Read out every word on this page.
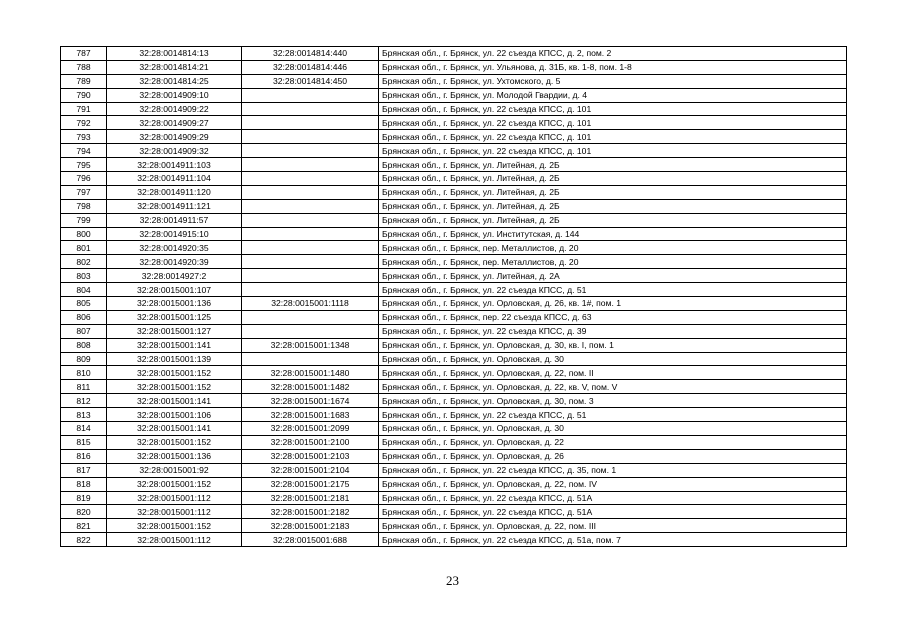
787	32:28:0014814:13	32:28:0014814:440	Брянская обл., г. Брянск, ул. 22 съезда КПСС, д. 2, пом. 2
788	32:28:0014814:21	32:28:0014814:446	Брянская обл., г. Брянск, ул. Ульянова, д. 31Б, кв. 1-8, пом. 1-8
789	32:28:0014814:25	32:28:0014814:450	Брянская обл., г. Брянск, ул. Ухтомского, д. 5
790	32:28:0014909:10		Брянская обл., г. Брянск, ул. Молодой Гвардии, д. 4
791	32:28:0014909:22		Брянская обл., г. Брянск, ул. 22 съезда КПСС, д. 101
792	32:28:0014909:27		Брянская обл., г. Брянск, ул. 22 съезда КПСС, д. 101
793	32:28:0014909:29		Брянская обл., г. Брянск, ул. 22 съезда КПСС, д. 101
794	32:28:0014909:32		Брянская обл., г. Брянск, ул. 22 съезда КПСС, д. 101
795	32:28:0014911:103		Брянская обл., г. Брянск, ул. Литейная, д. 2Б
796	32:28:0014911:104		Брянская обл., г. Брянск, ул. Литейная, д. 2Б
797	32:28:0014911:120		Брянская обл., г. Брянск, ул. Литейная, д. 2Б
798	32:28:0014911:121		Брянская обл., г. Брянск, ул. Литейная, д. 2Б
799	32:28:0014911:57		Брянская обл., г. Брянск, ул. Литейная, д. 2Б
800	32:28:0014915:10		Брянская обл., г. Брянск, ул. Институтская, д. 144
801	32:28:0014920:35		Брянская обл., г. Брянск, пер. Металлистов, д. 20
802	32:28:0014920:39		Брянская обл., г. Брянск, пер. Металлистов, д. 20
803	32:28:0014927:2		Брянская обл., г. Брянск, ул. Литейная, д. 2А
804	32:28:0015001:107		Брянская обл., г. Брянск, ул. 22 съезда КПСС, д. 51
805	32:28:0015001:136	32:28:0015001:1118	Брянская обл., г. Брянск, ул. Орловская, д. 26, кв. 1#, пом. 1
806	32:28:0015001:125		Брянская обл., г. Брянск, пер. 22 съезда КПСС, д. 63
807	32:28:0015001:127		Брянская обл., г. Брянск, ул. 22 съезда КПСС, д. 39
808	32:28:0015001:141	32:28:0015001:1348	Брянская обл., г. Брянск, ул. Орловская, д. 30, кв. I, пом. 1
809	32:28:0015001:139		Брянская обл., г. Брянск, ул. Орловская, д. 30
810	32:28:0015001:152	32:28:0015001:1480	Брянская обл., г. Брянск, ул. Орловская, д. 22, пом. II
811	32:28:0015001:152	32:28:0015001:1482	Брянская обл., г. Брянск, ул. Орловская, д. 22, кв. V, пом. V
812	32:28:0015001:141	32:28:0015001:1674	Брянская обл., г. Брянск, ул. Орловская, д. 30, пом. 3
813	32:28:0015001:106	32:28:0015001:1683	Брянская обл., г. Брянск, ул. 22 съезда КПСС, д. 51
814	32:28:0015001:141	32:28:0015001:2099	Брянская обл., г. Брянск, ул. Орловская, д. 30
815	32:28:0015001:152	32:28:0015001:2100	Брянская обл., г. Брянск, ул. Орловская, д. 22
816	32:28:0015001:136	32:28:0015001:2103	Брянская обл., г. Брянск, ул. Орловская, д. 26
817	32:28:0015001:92	32:28:0015001:2104	Брянская обл., г. Брянск, ул. 22 съезда КПСС, д. 35, пом. 1
818	32:28:0015001:152	32:28:0015001:2175	Брянская обл., г. Брянск, ул. Орловская, д. 22, пом. IV
819	32:28:0015001:112	32:28:0015001:2181	Брянская обл., г. Брянск, ул. 22 съезда КПСС, д. 51А
820	32:28:0015001:112	32:28:0015001:2182	Брянская обл., г. Брянск, ул. 22 съезда КПСС, д. 51А
821	32:28:0015001:152	32:28:0015001:2183	Брянская обл., г. Брянск, ул. Орловская, д. 22, пом. III
822	32:28:0015001:112	32:28:0015001:688	Брянская обл., г. Брянск, ул. 22 съезда КПСС, д. 51а, пом. 7
23
